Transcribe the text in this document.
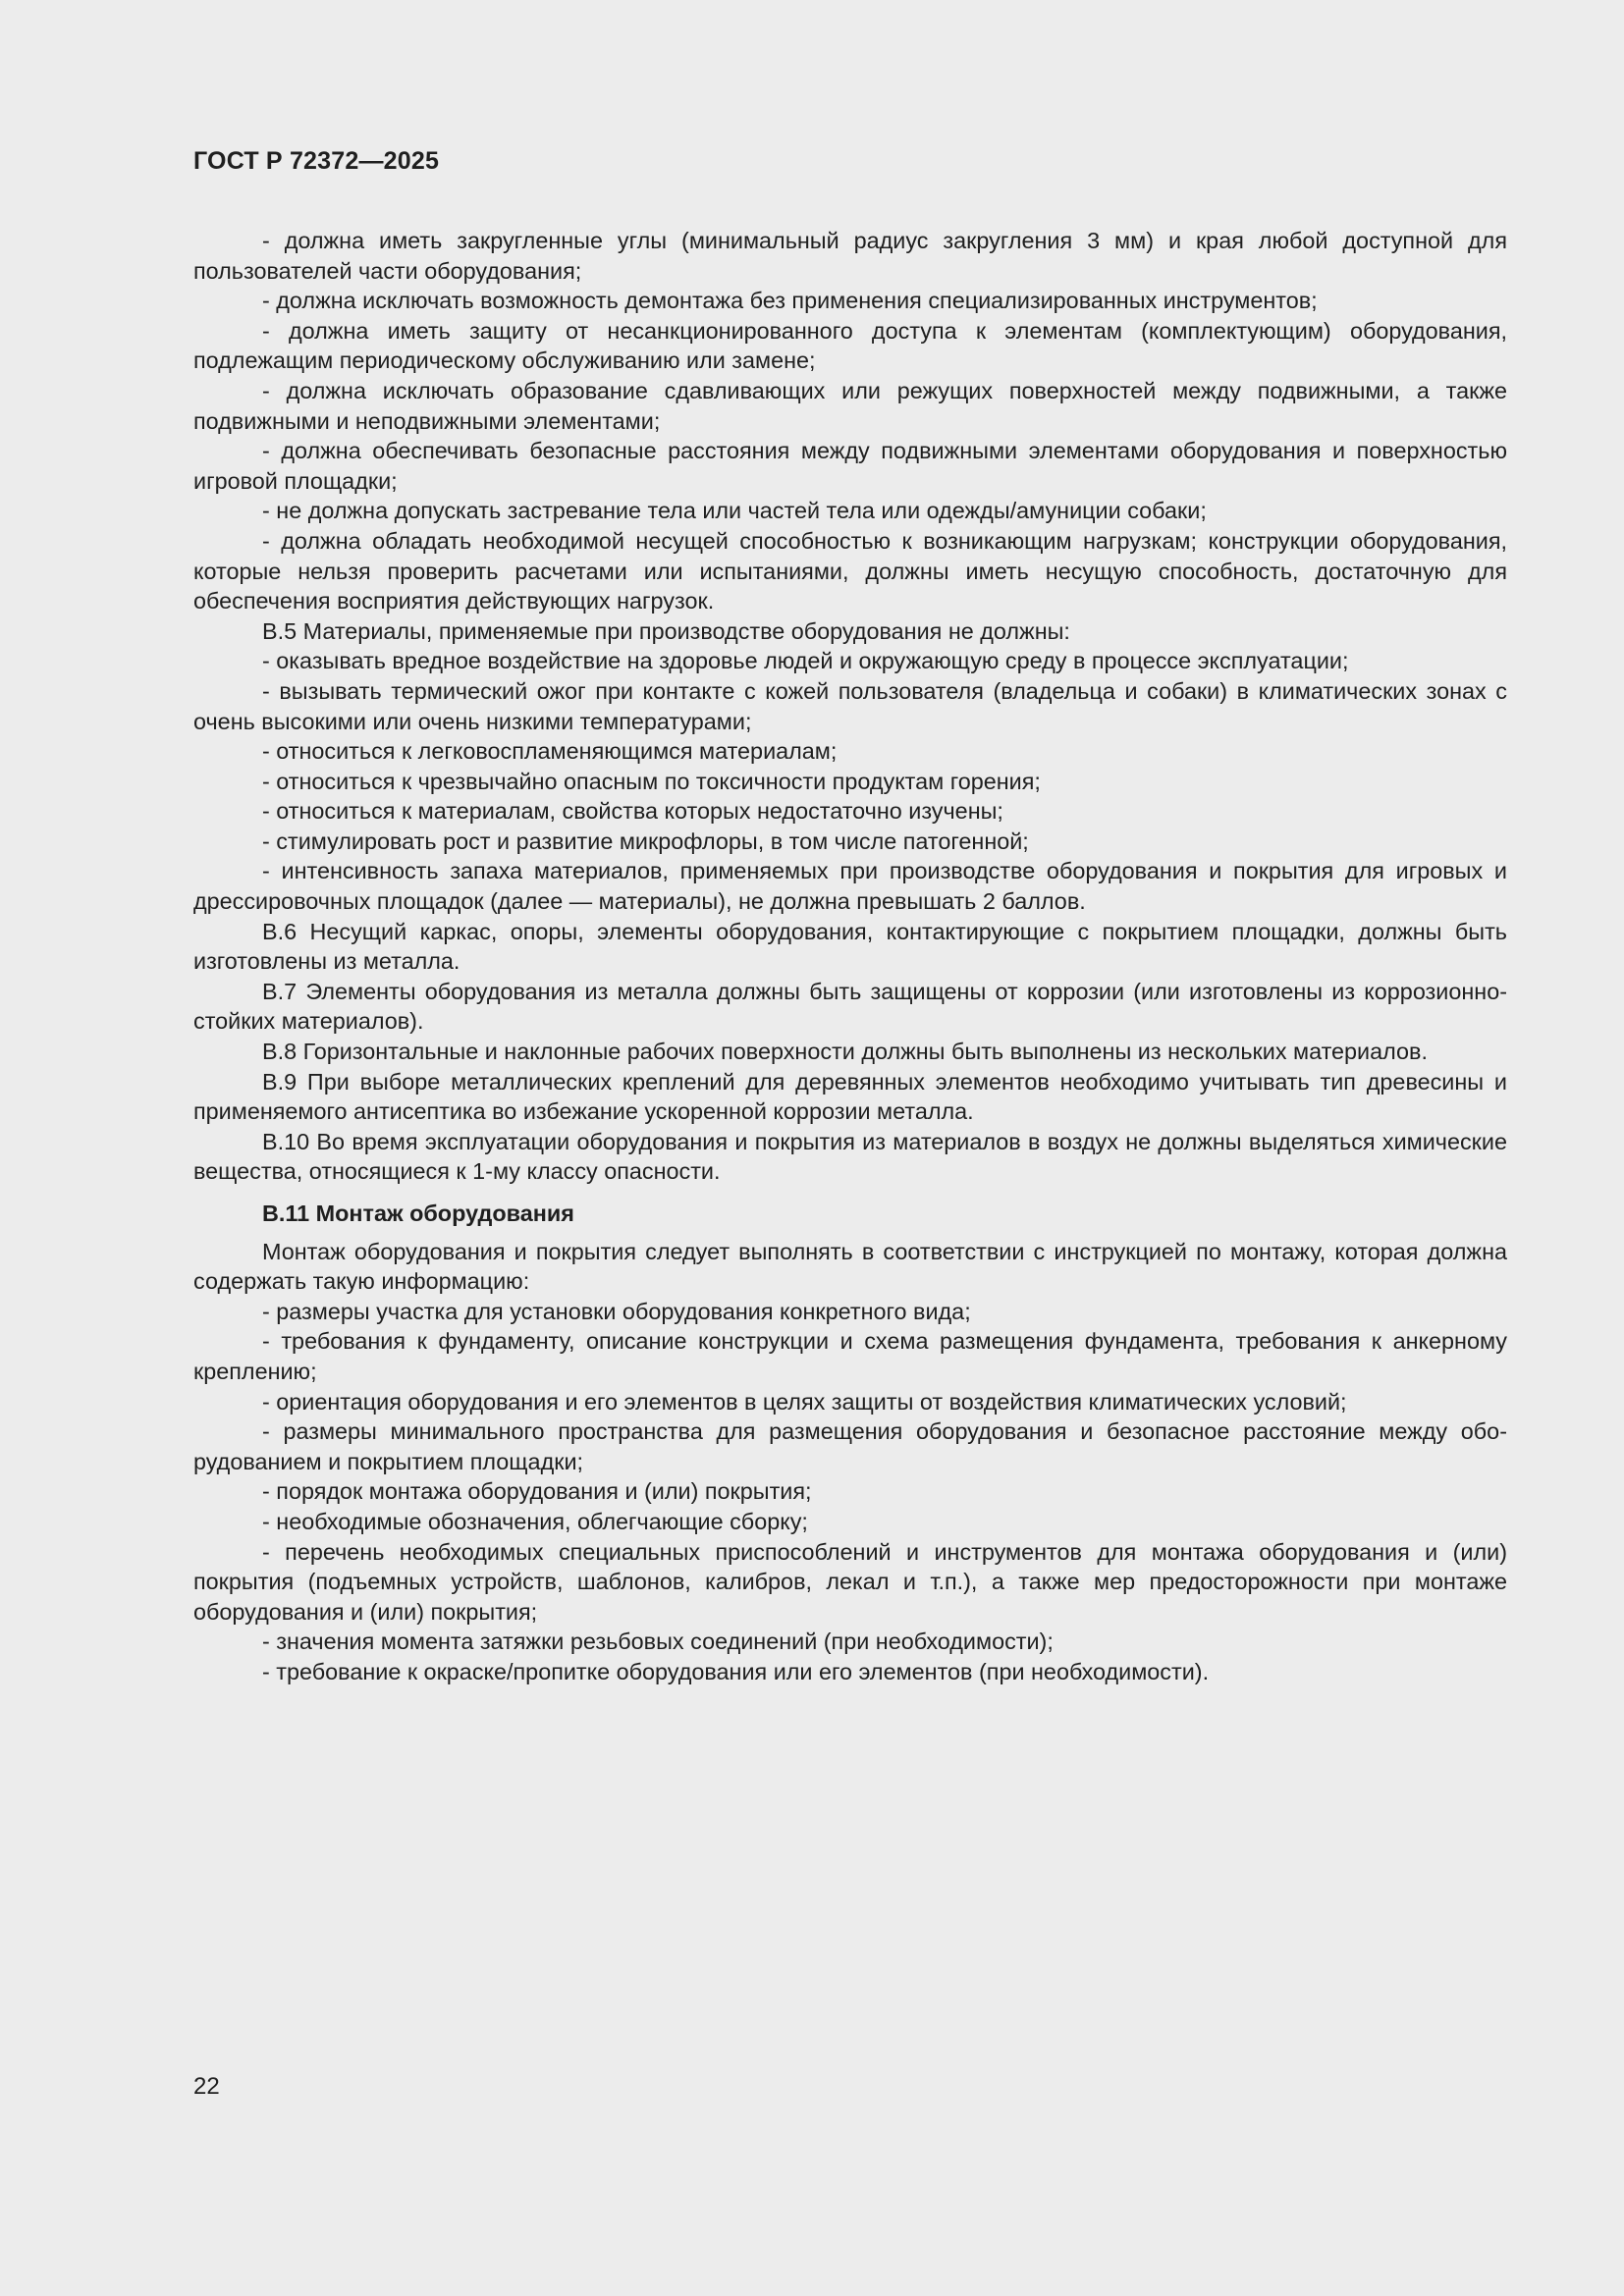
ГОСТ Р 72372—2025

- должна иметь закругленные углы (минимальный радиус закругления 3 мм) и края любой доступной для пользователей части оборудования;

- должна исключать возможность демонтажа без применения специализированных инструментов;

- должна иметь защиту от несанкционированного доступа к элементам (комплектующим) оборудования, подлежащим периодическому обслуживанию или замене;

- должна исключать образование сдавливающих или режущих поверхностей между подвижными, а также подвижными и неподвижными элементами;

- должна обеспечивать безопасные расстояния между подвижными элементами оборудования и поверхностью игровой площадки;

- не должна допускать застревание тела или частей тела или одежды/амуниции собаки;

- должна обладать необходимой несущей способностью к возникающим нагрузкам; конструкции оборудования, которые нельзя проверить расчетами или испытаниями, должны иметь несущую способность, достаточную для обеспечения восприятия действующих нагрузок.

В.5 Материалы, применяемые при производстве оборудования не должны:

- оказывать вредное воздействие на здоровье людей и окружающую среду в процессе эксплуатации;

- вызывать термический ожог при контакте с кожей пользователя (владельца и собаки) в климатических зонах с очень высокими или очень низкими температурами;

- относиться к легковоспламеняющимся материалам;

- относиться к чрезвычайно опасным по токсичности продуктам горения;

- относиться к материалам, свойства которых недостаточно изучены;

- стимулировать рост и развитие микрофлоры, в том числе патогенной;

- интенсивность запаха материалов, применяемых при производстве оборудования и покрытия для игровых и дрессировочных площадок (далее — материалы), не должна превышать 2 баллов.

В.6 Несущий каркас, опоры, элементы оборудования, контактирующие с покрытием площадки, должны быть изготовлены из металла.

В.7 Элементы оборудования из металла должны быть защищены от коррозии (или изготовлены из коррозионно-стойких материалов).

В.8 Горизонтальные и наклонные рабочих поверхности должны быть выполнены из нескольких материалов.

В.9 При выборе металлических креплений для деревянных элементов необходимо учитывать тип древесины и применяемого антисептика во избежание ускоренной коррозии металла.

В.10 Во время эксплуатации оборудования и покрытия из материалов в воздух не должны выделяться химические вещества, относящиеся к 1-му классу опасности.

В.11 Монтаж оборудования

Монтаж оборудования и покрытия следует выполнять в соответствии с инструкцией по монтажу, которая должна содержать такую информацию:

- размеры участка для установки оборудования конкретного вида;

- требования к фундаменту, описание конструкции и схема размещения фундамента, требования к анкерному креплению;

- ориентация оборудования и его элементов в целях защиты от воздействия климатических условий;

- размеры минимального пространства для размещения оборудования и безопасное расстояние между оборудованием и покрытием площадки;

- порядок монтажа оборудования и (или) покрытия;

- необходимые обозначения, облегчающие сборку;

- перечень необходимых специальных приспособлений и инструментов для монтажа оборудования и (или) покрытия (подъемных устройств, шаблонов, калибров, лекал и т.п.), а также мер предосторожности при монтаже оборудования и (или) покрытия;

- значения момента затяжки резьбовых соединений (при необходимости);

- требование к окраске/пропитке оборудования или его элементов (при необходимости).

22
